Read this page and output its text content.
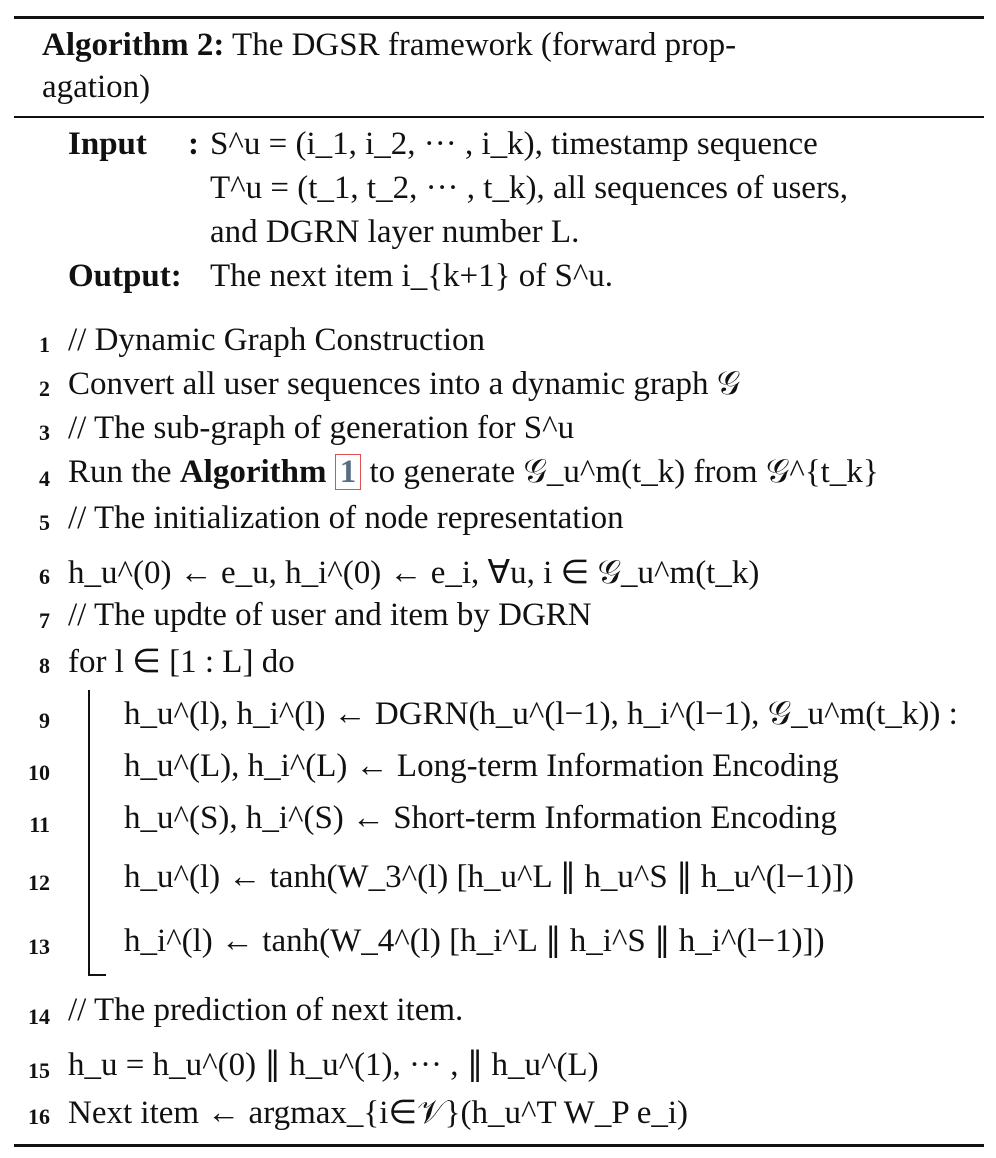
Algorithm 2: The DGSR framework (forward prop-
agation)
Input : S^u = (i_1, i_2, ··· , i_k), timestamp sequence
T^u = (t_1, t_2, ··· , t_k), all sequences of users,
and DGRN layer number L.
Output: The next item i_{k+1} of S^u.
1 // Dynamic Graph Construction
2 Convert all user sequences into a dynamic graph 𝒢
3 // The sub-graph of generation for S^u
4 Run the Algorithm 1 to generate 𝒢_u^m(t_k) from 𝒢^{t_k}
5 // The initialization of node representation
6 h_u^(0) ← e_u, h_i^(0) ← e_i, ∀u, i ∈ 𝒢_u^m(t_k)
7 // The updte of user and item by DGRN
8 for l ∈ [1 : L] do
9 h_u^(l), h_i^(l) ← DGRN(h_u^(l−1), h_i^(l−1), 𝒢_u^m(t_k)) :
10 h_u^(L), h_i^(L) ← Long-term Information Encoding
11 h_u^(S), h_i^(S) ← Short-term Information Encoding
12 h_u^(l) ← tanh(W_3^(l) [h_u^L ∥ h_u^S ∥ h_u^(l−1)])
13 h_i^(l) ← tanh(W_4^(l) [h_i^L ∥ h_i^S ∥ h_i^(l−1)])
14 // The prediction of next item.
15 h_u = h_u^(0) ∥ h_u^(1), ··· , ∥ h_u^(L)
16 Next item ← argmax_{i∈𝒱}(h_u^T W_P e_i)
